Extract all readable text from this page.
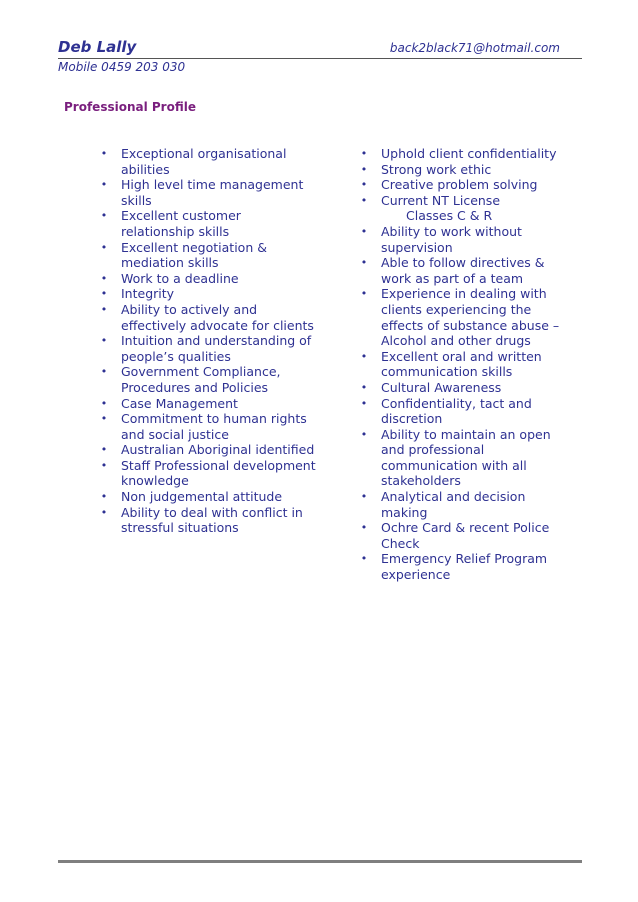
Deb Lally	back2black71@hotmail.com
Mobile 0459 203 030
Professional Profile
• Exceptional organisational abilities
• High level time management skills
• Excellent customer relationship skills
• Excellent negotiation & mediation skills
• Work to a deadline
• Integrity
• Ability to actively and effectively advocate for clients
• Intuition and understanding of people’s qualities
• Government Compliance, Procedures and Policies
• Case Management
• Commitment to human rights and social justice
• Australian Aboriginal identified
• Staff Professional development knowledge
• Non judgemental attitude
• Ability to deal with conflict in stressful situations
• Uphold client confidentiality
• Strong work ethic
• Creative problem solving
• Current NT License
Classes C & R
• Ability to work without supervision
• Able to follow directives & work as part of a team
• Experience in dealing with clients experiencing the effects of substance abuse – Alcohol and other drugs
• Excellent oral and written communication skills
• Cultural Awareness
• Confidentiality, tact and discretion
• Ability to maintain an open and professional communication with all stakeholders
• Analytical and decision making
• Ochre Card & recent Police Check
• Emergency Relief Program experience
